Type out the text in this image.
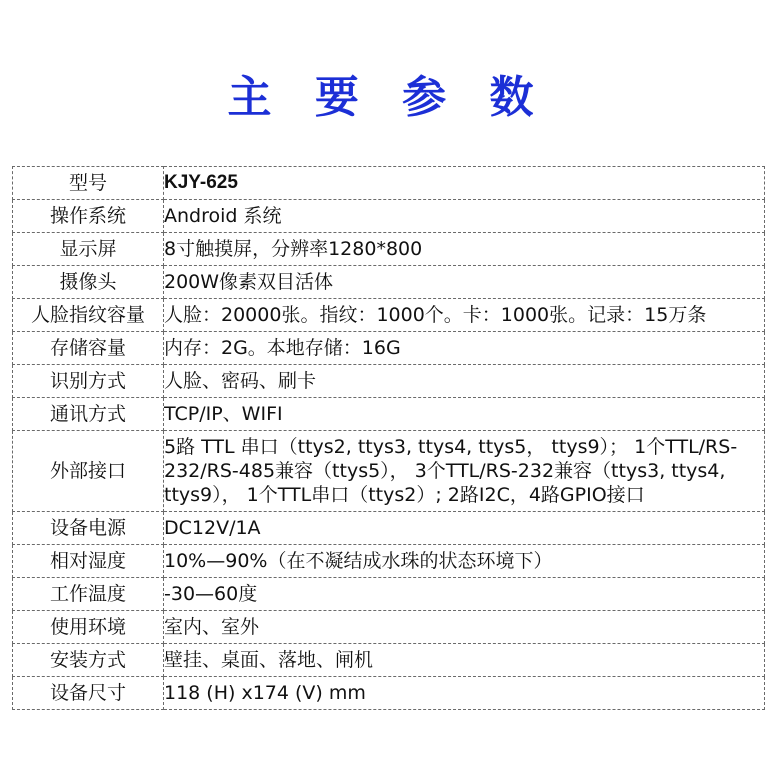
主 要 参 数
型号	KJY-625
操作系统	Android 系统
显示屏	8寸触摸屏，分辨率1280*800
摄像头	200W像素双目活体
人脸指纹容量	人脸：20000张。指纹：1000个。卡：1000张。记录：15万条
存储容量	内存：2G。本地存储：16G
识别方式	人脸、密码、刷卡
通讯方式	TCP/IP、WIFI
外部接口	5路 TTL 串口（ttys2, ttys3, ttys4, ttys5， ttys9）； 1个TTL/RS-232/RS-485兼容（ttys5）， 3个TTL/RS-232兼容（ttys3, ttys4, ttys9）， 1个TTL串口（ttys2）; 2路I2C，4路GPIO接口
设备电源	DC12V/1A
相对湿度	10%—90%（在不凝结成水珠的状态环境下）
工作温度	-30—60度
使用环境	室内、室外
安装方式	壁挂、桌面、落地、闸机
设备尺寸	118 (H) x174 (V) mm
